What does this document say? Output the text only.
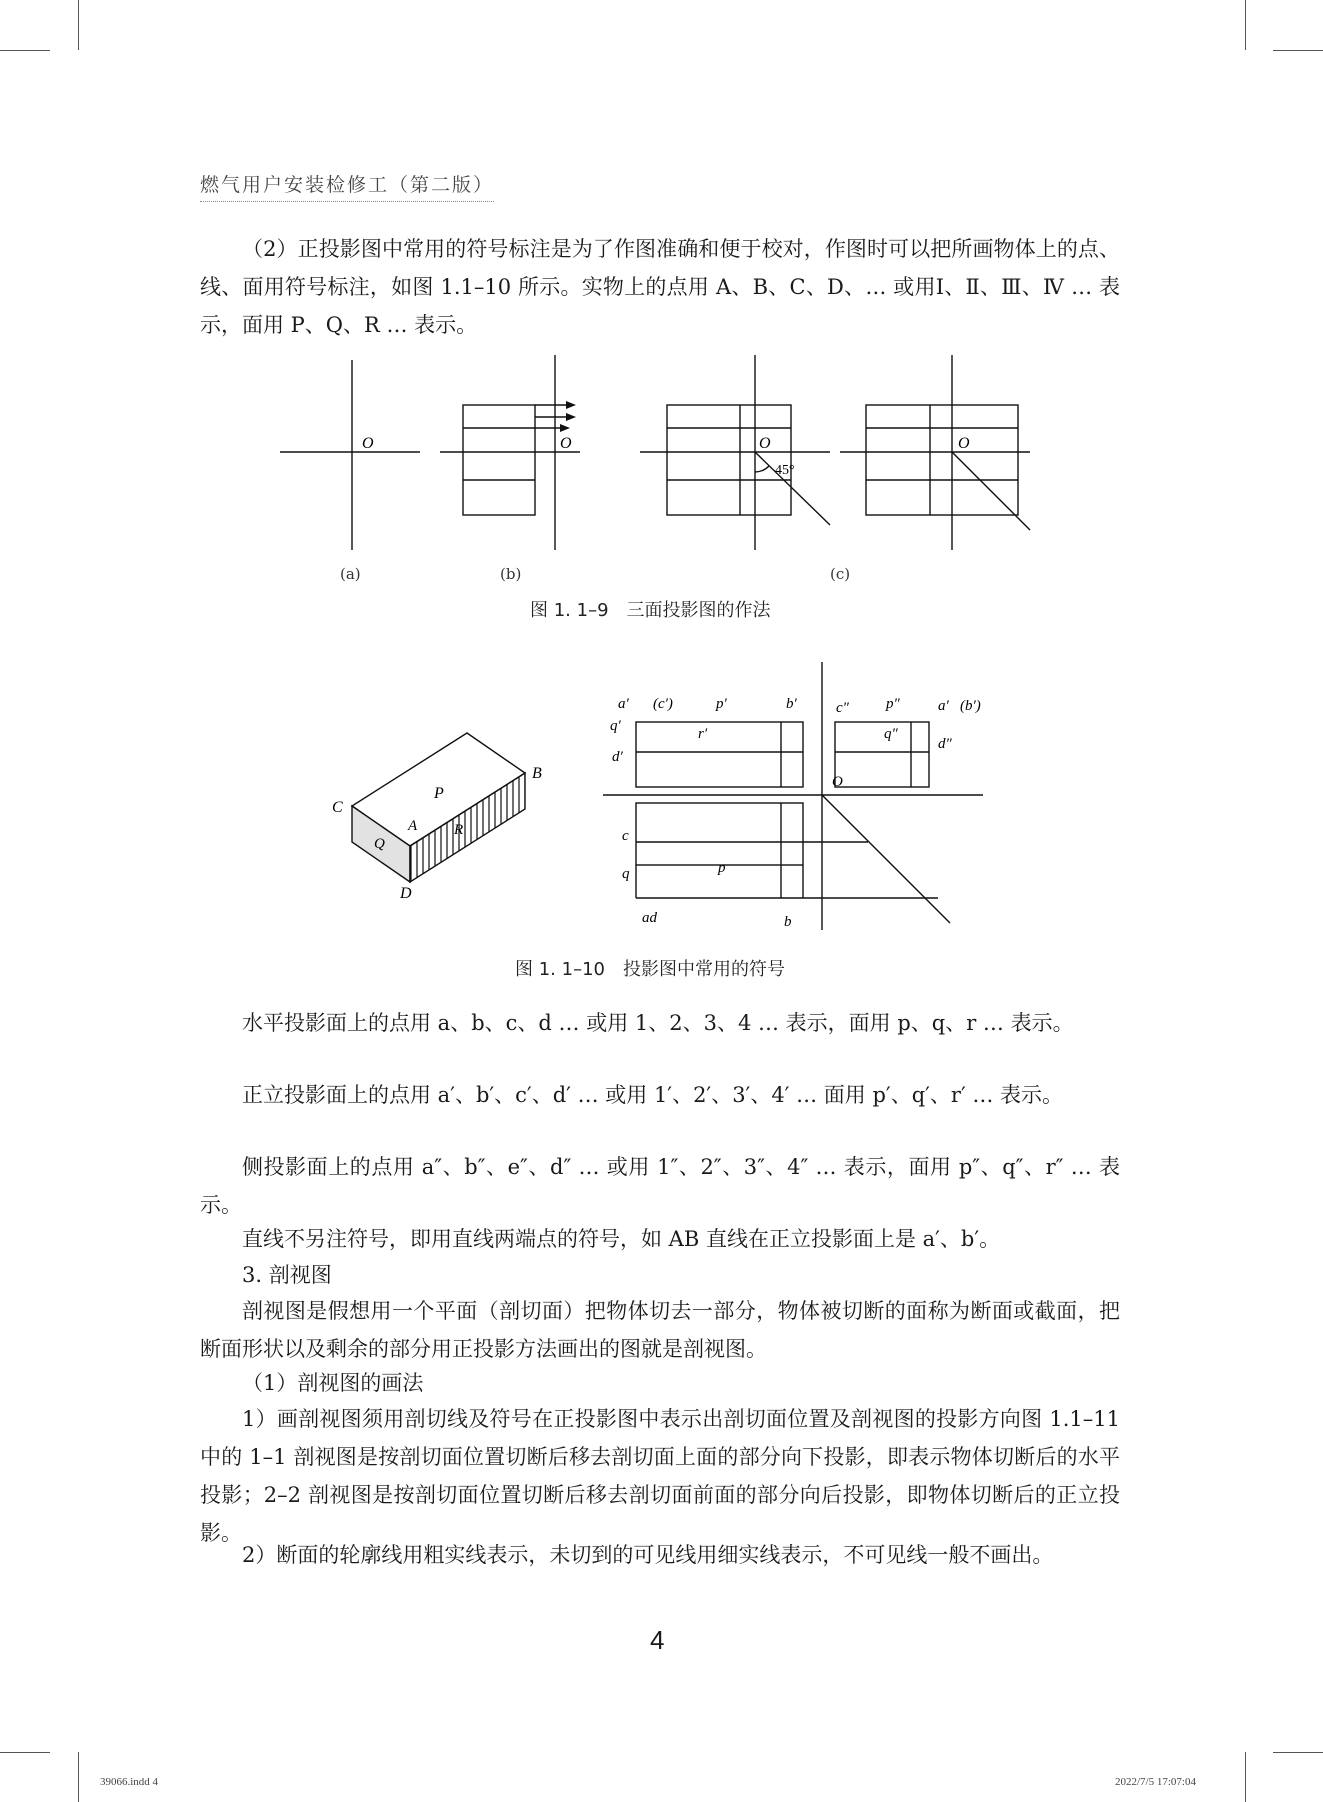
燃气用户安装检修工（第二版）
（2）正投影图中常用的符号标注是为了作图准确和便于校对，作图时可以把所画物体上的点、线、面用符号标注，如图 1.1–10 所示。实物上的点用 A、B、C、D、… 或用Ⅰ、Ⅱ、Ⅲ、Ⅳ … 表示，面用 P、Q、R … 表示。
O	O	O
45°
O
(a)	(b)	(c)
图 1. 1–9　三面投影图的作法
C
B
P
A R
Q
D
a′ (c′)	p′	b′	c″ p″	a′ (b′)
q′	r′
d′
q″
d″
O
c
q	p
ad	b
图 1. 1–10　投影图中常用的符号
水平投影面上的点用 a、b、c、d … 或用 1、2、3、4 … 表示，面用 p、q、r … 表示。
正立投影面上的点用 a′、b′、c′、d′ … 或用 1′、2′、3′、4′ … 面用 p′、q′、r′ … 表示。
侧投影面上的点用 a″、b″、e″、d″ … 或用 1″、2″、3″、4″ … 表示，面用 p″、q″、r″ … 表示。
直线不另注符号，即用直线两端点的符号，如 AB 直线在正立投影面上是 a′、b′。
3. 剖视图
剖视图是假想用一个平面（剖切面）把物体切去一部分，物体被切断的面称为断面或截面，把断面形状以及剩余的部分用正投影方法画出的图就是剖视图。
（1）剖视图的画法
1）画剖视图须用剖切线及符号在正投影图中表示出剖切面位置及剖视图的投影方向图 1.1–11 中的 1–1 剖视图是按剖切面位置切断后移去剖切面上面的部分向下投影，即表示物体切断后的水平投影；2–2 剖视图是按剖切面位置切断后移去剖切面前面的部分向后投影，即物体切断后的正立投影。
2）断面的轮廓线用粗实线表示，未切到的可见线用细实线表示，不可见线一般不画出。
4
39066.indd 4	2022/7/5 17:07:04
